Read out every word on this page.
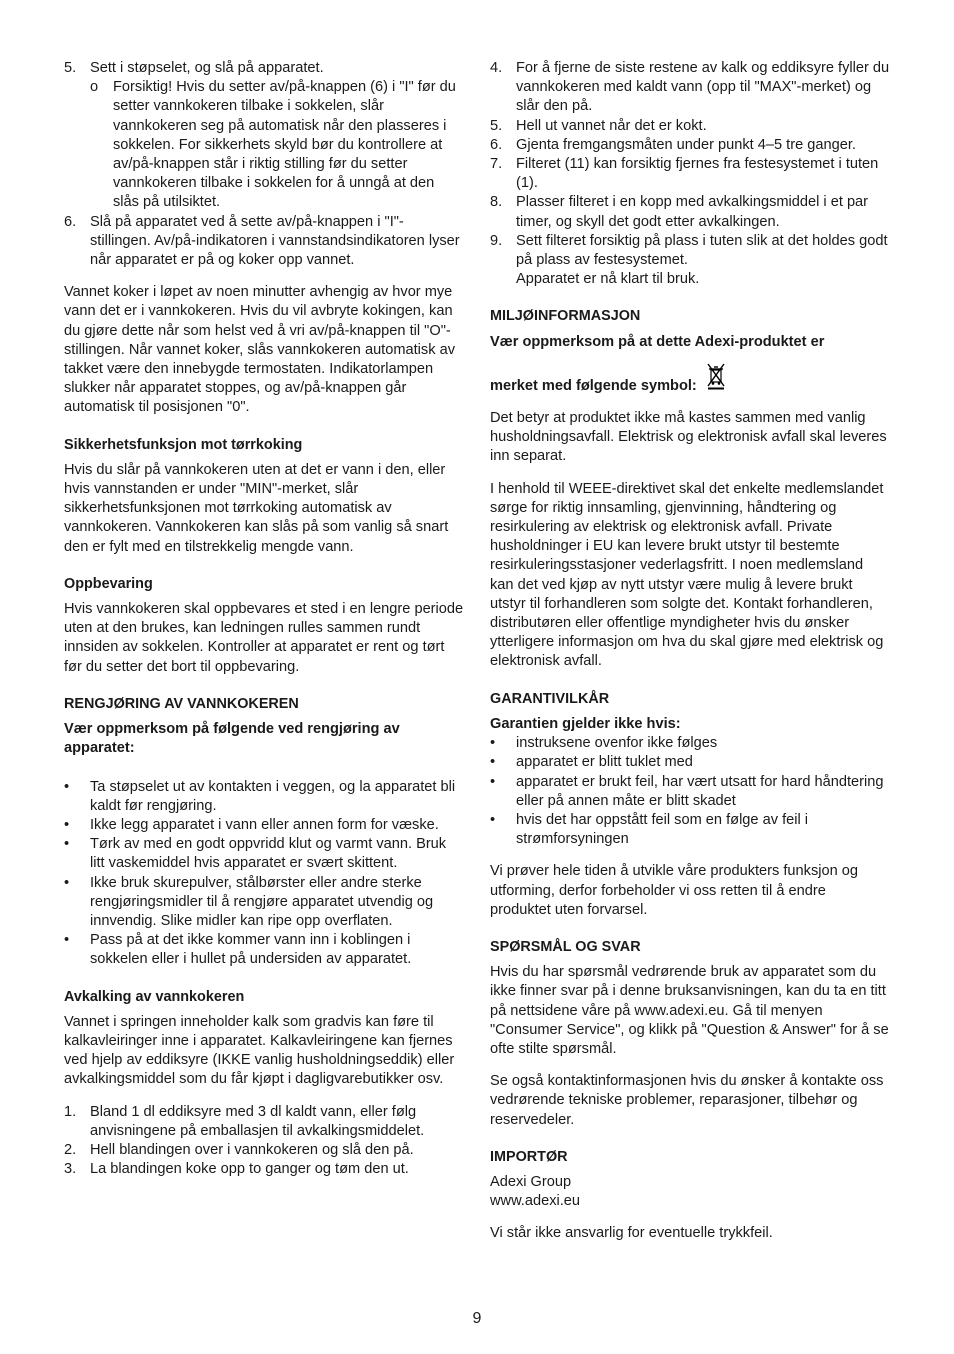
5. Sett i støpselet, og slå på apparatet.
o Forsiktig! Hvis du setter av/på-knappen (6) i "I" før du setter vannkokeren tilbake i sokkelen, slår vannkokeren seg på automatisk når den plasseres i sokkelen. For sikkerhets skyld bør du kontrollere at av/på-knappen står i riktig stilling før du setter vannkokeren tilbake i sokkelen for å unngå at den slås på utilsiktet.
6. Slå på apparatet ved å sette av/på-knappen i "I"-stillingen. Av/på-indikatoren i vannstandsindikatoren lyser når apparatet er på og koker opp vannet.

Vannet koker i løpet av noen minutter avhengig av hvor mye vann det er i vannkokeren. Hvis du vil avbryte kokingen, kan du gjøre dette når som helst ved å vri av/på-knappen til "O"-stillingen. Når vannet koker, slås vannkokeren automatisk av takket være den innebygde termostaten. Indikatorlampen slukker når apparatet stoppes, og av/på-knappen går automatisk til posisjonen "0".

Sikkerhetsfunksjon mot tørrkoking

Hvis du slår på vannkokeren uten at det er vann i den, eller hvis vannstanden er under "MIN"-merket, slår sikkerhetsfunksjonen mot tørrkoking automatisk av vannkokeren. Vannkokeren kan slås på som vanlig så snart den er fylt med en tilstrekkelig mengde vann.

Oppbevaring

Hvis vannkokeren skal oppbevares et sted i en lengre periode uten at den brukes, kan ledningen rulles sammen rundt innsiden av sokkelen. Kontroller at apparatet er rent og tørt før du setter det bort til oppbevaring.

RENGJØRING AV VANNKOKEREN

Vær oppmerksom på følgende ved rengjøring av apparatet:

• Ta støpselet ut av kontakten i veggen, og la apparatet bli kaldt før rengjøring.
• Ikke legg apparatet i vann eller annen form for væske.
• Tørk av med en godt oppvridd klut og varmt vann. Bruk litt vaskemiddel hvis apparatet er svært skittent.
• Ikke bruk skurepulver, stålbørster eller andre sterke rengjøringsmidler til å rengjøre apparatet utvendig og innvendig. Slike midler kan ripe opp overflaten.
• Pass på at det ikke kommer vann inn i koblingen i sokkelen eller i hullet på undersiden av apparatet.

Avkalking av vannkokeren

Vannet i springen inneholder kalk som gradvis kan føre til kalkavleiringer inne i apparatet. Kalkavleiringene kan fjernes ved hjelp av eddiksyre (IKKE vanlig husholdningseddik) eller avkalkingsmiddel som du får kjøpt i dagligvarebutikker osv.

1. Bland 1 dl eddiksyre med 3 dl kaldt vann, eller følg anvisningene på emballasjen til avkalkingsmiddelet.
2. Hell blandingen over i vannkokeren og slå den på.
3. La blandingen koke opp to ganger og tøm den ut.
4. For å fjerne de siste restene av kalk og eddiksyre fyller du vannkokeren med kaldt vann (opp til "MAX"-merket) og slår den på.
5. Hell ut vannet når det er kokt.
6. Gjenta fremgangsmåten under punkt 4–5 tre ganger.
7. Filteret (11) kan forsiktig fjernes fra festesystemet i tuten (1).
8. Plasser filteret i en kopp med avkalkingsmiddel i et par timer, og skyll det godt etter avkalkingen.
9. Sett filteret forsiktig på plass i tuten slik at det holdes godt på plass av festesystemet.

Apparatet er nå klart til bruk.

MILJØINFORMASJON

Vær oppmerksom på at dette Adexi-produktet er

merket med følgende symbol:

Det betyr at produktet ikke må kastes sammen med vanlig husholdningsavfall. Elektrisk og elektronisk avfall skal leveres inn separat.

I henhold til WEEE-direktivet skal det enkelte medlemslandet sørge for riktig innsamling, gjenvinning, håndtering og resirkulering av elektrisk og elektronisk avfall. Private husholdninger i EU kan levere brukt utstyr til bestemte resirkuleringsstasjoner vederlagsfritt. I noen medlemsland kan det ved kjøp av nytt utstyr være mulig å levere brukt utstyr til forhandleren som solgte det. Kontakt forhandleren, distributøren eller offentlige myndigheter hvis du ønsker ytterligere informasjon om hva du skal gjøre med elektrisk og elektronisk avfall.

GARANTIVILKÅR

Garantien gjelder ikke hvis:

• instruksene ovenfor ikke følges
• apparatet er blitt tuklet med
• apparatet er brukt feil, har vært utsatt for hard håndtering eller på annen måte er blitt skadet
• hvis det har oppstått feil som en følge av feil i strømforsyningen

Vi prøver hele tiden å utvikle våre produkters funksjon og utforming, derfor forbeholder vi oss retten til å endre produktet uten forvarsel.

SPØRSMÅL OG SVAR

Hvis du har spørsmål vedrørende bruk av apparatet som du ikke finner svar på i denne bruksanvisningen, kan du ta en titt på nettsidene våre på www.adexi.eu. Gå til menyen "Consumer Service", og klikk på "Question & Answer" for å se ofte stilte spørsmål.

Se også kontaktinformasjonen hvis du ønsker å kontakte oss vedrørende tekniske problemer, reparasjoner, tilbehør og reservedeler.

IMPORTØR

Adexi Group

www.adexi.eu

Vi står ikke ansvarlig for eventuelle trykkfeil.

9
